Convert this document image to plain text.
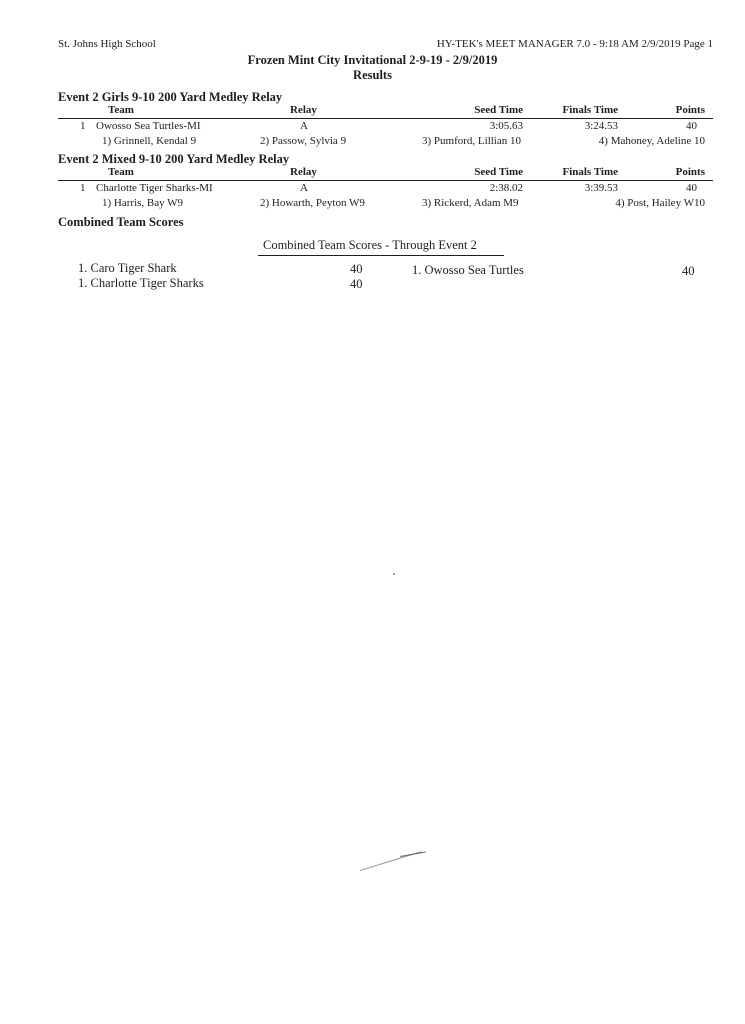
St. Johns High School	HY-TEK's MEET MANAGER 7.0 - 9:18 AM 2/9/2019 Page 1
Frozen Mint City Invitational 2-9-19 - 2/9/2019
Results
Event 2 Girls 9-10 200 Yard Medley Relay
Team	Relay	Seed Time	Finals Time	Points
1 Owosso Sea Turtles-MI	A	3:05.63	3:24.53	40
1) Grinnell, Kendal 9	2) Passow, Sylvia 9	3) Pumford, Lillian 10	4) Mahoney, Adeline 10
Event 2 Mixed 9-10 200 Yard Medley Relay
Team	Relay	Seed Time	Finals Time	Points
1 Charlotte Tiger Sharks-MI	A	2:38.02	3:39.53	40
1) Harris, Bay W9	2) Howarth, Peyton W9	3) Rickerd, Adam M9	4) Post, Hailey W10
Combined Team Scores
Combined Team Scores - Through Event 2
1. Caro Tiger Shark	40
1. Charlotte Tiger Sharks	40
1. Owosso Sea Turtles	40
